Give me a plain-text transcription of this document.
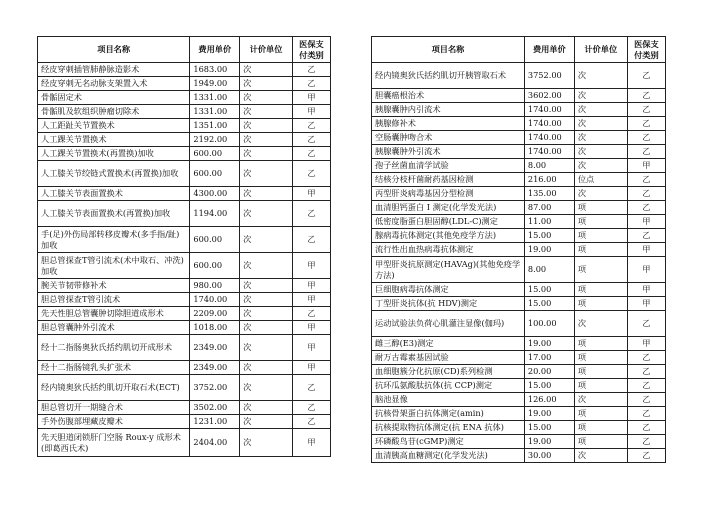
项目名称	费用单价	计价单位	医保支付类别
经皮穿刺插管肺静脉造影术	1683.00	次	乙
经皮穿刺无名动脉支架置入术	1949.00	次	乙
骨骺固定术	1331.00	次	甲
骨骺肌及软组织肿瘤切除术	1331.00	次	甲
人工距趾关节置换术	1351.00	次	乙
人工踝关节置换术	2192.00	次	乙
人工踝关节置换术(再置换)加收	600.00	次	乙
人工膝关节绞链式置换术(再置换)加收	600.00	次	乙
人工膝关节表面置换术	4300.00	次	甲
人工膝关节表面置换术(再置换)加收	1194.00	次	乙
手(足)外伤局部转移皮瓣术(多手指/趾)加收	600.00	次	乙
胆总管探查T管引流术(术中取石、冲洗)加收	600.00	次	甲
腕关节韧带修补术	980.00	次	甲
胆总管探查T管引流术	1740.00	次	甲
先天性胆总管囊肿切除胆道成形术	2209.00	次	乙
胆总管囊肿外引流术	1018.00	次	甲
经十二指肠奥狄氏括约肌切开成形术	2349.00	次	甲
经十二指肠镜乳头扩张术	2349.00	次	甲
经内镜奥狄氏括约肌切开取石术(ECT)	3752.00	次	乙
胆总管切开一期缝合术	3502.00	次	乙
手外伤腹部埋藏皮瓣术	1231.00	次	乙
先天胆道闭锁肝门空肠 Roux-y 成形术(即葛西氏术)	2404.00	次	甲
项目名称	费用单价	计价单位	医保支付类别
经内镜奥狄氏括约肌切开胰管取石术	3752.00	次	乙
胆囊癌根治术	3602.00	次	乙
胰腺囊肿内引流术	1740.00	次	乙
胰腺修补术	1740.00	次	乙
空肠囊肿吻合术	1740.00	次	乙
胰腺囊肿外引流术	1740.00	次	乙
孢子丝菌血清学试验	8.00	次	甲
结核分枝杆菌耐药基因检测	216.00	位点	乙
丙型肝炎病毒基因分型检测	135.00	次	乙
血清胆钙蛋白 I 测定(化学发光法)	87.00	项	乙
低密度脂蛋白胆固醇(LDL-C)测定	11.00	项	甲
腺病毒抗体测定(其他免疫学方法)	15.00	项	乙
流行性出血热病毒抗体测定	19.00	项	甲
甲型肝炎抗原测定(HAVAg)(其他免疫学方法)	8.00	项	甲
巨细胞病毒抗体测定	15.00	项	甲
丁型肝炎抗体(抗 HDV)测定	15.00	项	甲
运动试验法负荷心肌灌注显像(伽玛)	100.00	次	乙
雌三醇(E3)测定	19.00	项	甲
耐万古霉素基因试验	17.00	项	乙
血细胞簇分化抗原(CD)系列检测	20.00	项	乙
抗环瓜氨酸肽抗体(抗 CCP)测定	15.00	项	乙
脑池显像	126.00	次	乙
抗核骨架蛋白抗体测定(amin)	19.00	项	乙
抗核提取物抗体测定(抗 ENA 抗体)	15.00	项	乙
环磷酸鸟苷(cGMP)测定	19.00	项	乙
血清胰高血糖测定(化学发光法)	30.00	次	乙
